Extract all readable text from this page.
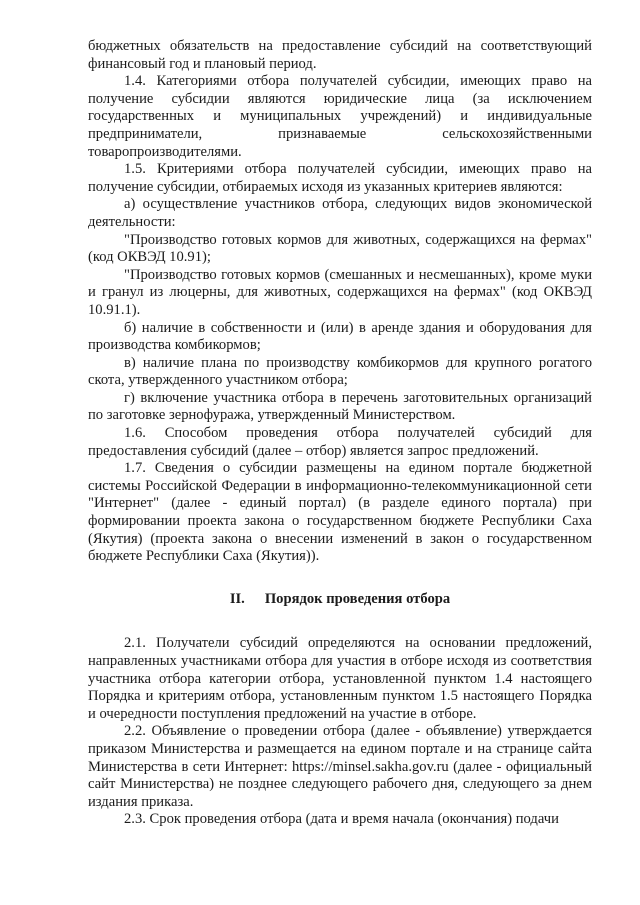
бюджетных обязательств на предоставление субсидий на соответствующий финансовый год и плановый период.

1.4. Категориями отбора получателей субсидии, имеющих право на получение субсидии являются юридические лица (за исключением государственных и муниципальных учреждений) и индивидуальные предприниматели, признаваемые сельскохозяйственными товаропроизводителями.

1.5. Критериями отбора получателей субсидии, имеющих право на получение субсидии, отбираемых исходя из указанных критериев являются:

а) осуществление участников отбора, следующих видов экономической деятельности:

"Производство готовых кормов для животных, содержащихся на фермах" (код ОКВЭД 10.91);

"Производство готовых кормов (смешанных и несмешанных), кроме муки и гранул из люцерны, для животных, содержащихся на фермах" (код ОКВЭД 10.91.1).

б) наличие в собственности и (или) в аренде здания и оборудования для производства комбикормов;

в) наличие плана по производству комбикормов для крупного рогатого скота, утвержденного участником отбора;

г) включение участника отбора в перечень заготовительных организаций по заготовке зернофуража, утвержденный Министерством.

1.6. Способом проведения отбора получателей субсидий для предоставления субсидий (далее – отбор) является запрос предложений.

1.7. Сведения о субсидии размещены на едином портале бюджетной системы Российской Федерации в информационно-телекоммуникационной сети "Интернет" (далее - единый портал) (в разделе единого портала) при формировании проекта закона о государственном бюджете Республики Саха (Якутия) (проекта закона о внесении изменений в закон о государственном бюджете Республики Саха (Якутия)).

II. Порядок проведения отбора

2.1. Получатели субсидий определяются на основании предложений, направленных участниками отбора для участия в отборе исходя из соответствия участника отбора категории отбора, установленной пунктом 1.4 настоящего Порядка и критериям отбора, установленным пунктом 1.5 настоящего Порядка и очередности поступления предложений на участие в отборе.

2.2. Объявление о проведении отбора (далее - объявление) утверждается приказом Министерства и размещается на едином портале и на странице сайта Министерства в сети Интернет: https://minsel.sakha.gov.ru (далее - официальный сайт Министерства) не позднее следующего рабочего дня, следующего за днем издания приказа.

2.3. Срок проведения отбора (дата и время начала (окончания) подачи
